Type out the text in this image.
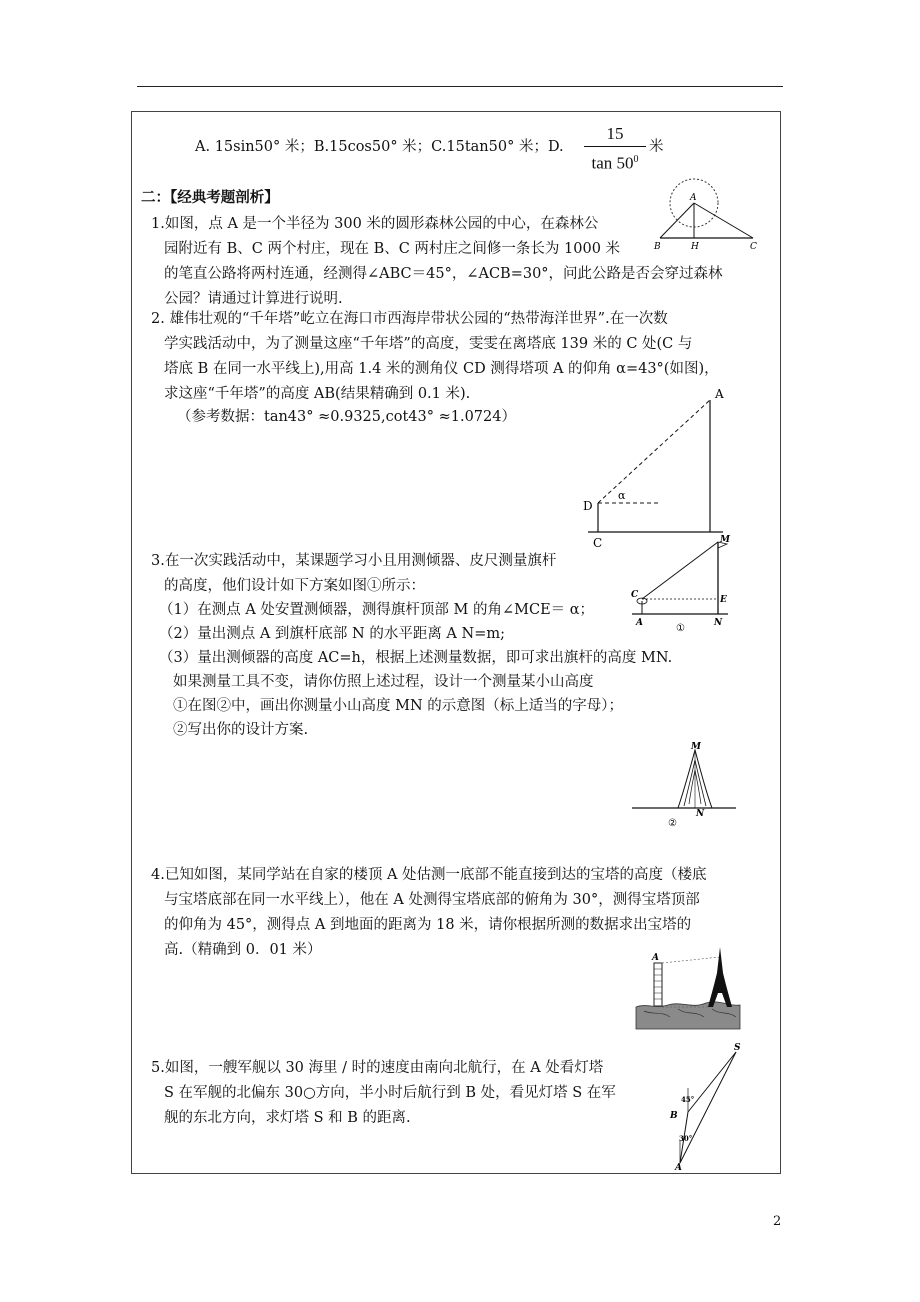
A. 15sin50° 米；B.15cos50° 米；C.15tan50° 米；D.
15
$\tan 50^0$
米
二：【经典考题剖析】
1.如图，点 A 是一个半径为 300 米的圆形森林公园的中心，在森林公
园附近有 B、C 两个村庄，现在 B、C 两村庄之间修一条长为 1000 米
的笔直公路将两村连通，经测得∠ABC＝45°，∠ACB=30°，问此公路是否会穿过森林
公园？请通过计算进行说明.
A
B	H	C
2. 雄伟壮观的“千年塔”屹立在海口市西海岸带状公园的“热带海洋世界”.在一次数
学实践活动中，为了测量这座“千年塔”的高度，雯雯在离塔底 139 米的 C 处(C 与
塔底 B 在同一水平线上),用高 1.4 米的测角仪 CD 测得塔项 A 的仰角 α=43°(如图)，
求这座“千年塔”的高度 AB(结果精确到 0.1 米).
（参考数据：tan43° ≈0.9325,cot43° ≈1.0724）
A
D
C
α
3.在一次实践活动中，某课题学习小且用测倾器、皮尺测量旗杆
的高度，他们设计如下方案如图①所示：
（1）在测点 A 处安置测倾器，测得旗杆顶部 M 的角∠MCE＝ α；
（2）量出测点 A 到旗杆底部 N 的水平距离 A N=m;
（3）量出测倾器的高度 AC=h，根据上述测量数据，即可求出旗杆的高度 MN.
如果测量工具不变，请你仿照上述过程，设计一个测量某小山高度
①在图②中，画出你测量小山高度 MN 的示意图（标上适当的字母）；
②写出你的设计方案.
M
C	E
A	N
①
M
N
②
4.已知如图，某同学站在自家的楼顶 A 处估测一底部不能直接到达的宝塔的高度（楼底
与宝塔底部在同一水平线上），他在 A 处测得宝塔底部的俯角为 30°，测得宝塔顶部
的仰角为 45°，测得点 A 到地面的距离为 18 米，请你根据所测的数据求出宝塔的
高.（精确到 0．01 米）	A
5.如图，一艘军舰以 30 海里 / 时的速度由南向北航行，在 A 处看灯塔
S 在军舰的北偏东 30○方向，半小时后航行到 B 处，看见灯塔 S 在军
舰的东北方向，求灯塔 S 和 B 的距离.
S
B
A
45°
30°
2
